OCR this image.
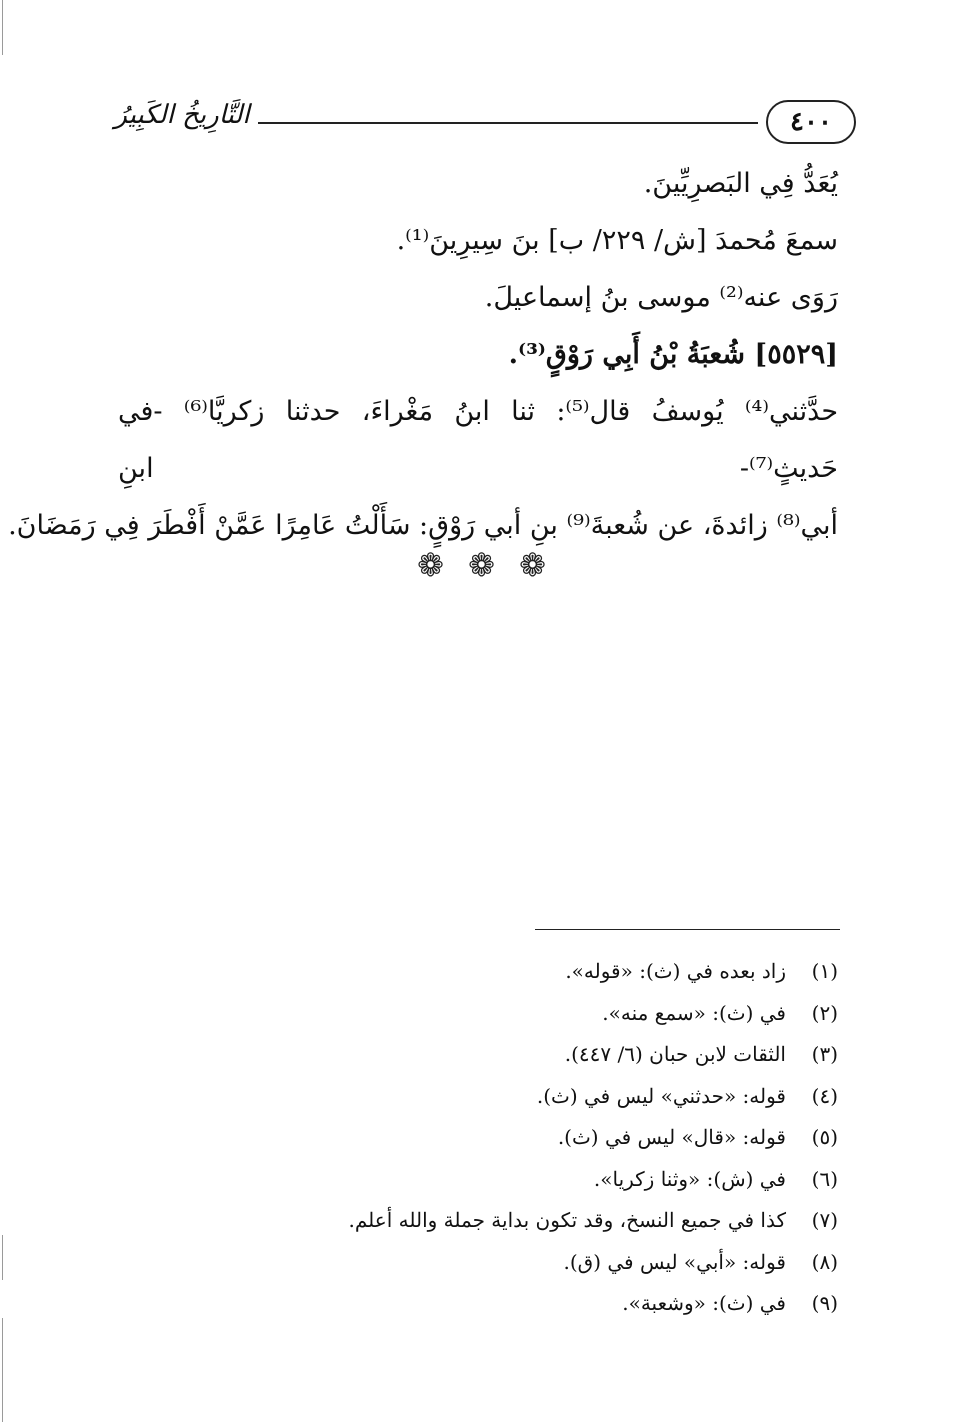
٤٠٠
التَّارِيخُ الكَبِيرُ
يُعَدُّ فِي البَصرِيِّينَ.
سمعَ مُحمدَ [ش/ ٢٢٩/ ب] بنَ سِيرِينَ⁽¹⁾.
رَوَى عنه⁽²⁾ موسى بنُ إسماعيلَ.
[٥٥٢٩] شُعبَةُ بْنُ أَبِي رَوْقٍ⁽³⁾.
حدَّثني⁽⁴⁾ يُوسفُ قال⁽⁵⁾: ثنا ابنُ مَغْراءَ، حدثنا زكريَّا⁽⁶⁾ -في حَديثٍ⁽⁷⁾- ابنِ
أبي⁽⁸⁾ زائدةَ، عن شُعبةَ⁽⁹⁾ بنِ أبي رَوْقٍ: سَأَلْتُ عَامِرًا عَمَّنْ أَفْطَرَ فِي رَمَضَانَ.
❁ ❁ ❁
(١)زاد بعده في (ث): «قوله».
(٢)في (ث): «سمع منه».
(٣)الثقات لابن حبان (٦/ ٤٤٧).
(٤)قوله: «حدثني» ليس في (ث).
(٥)قوله: «قال» ليس في (ث).
(٦)في (ش): «وثنا زكريا».
(٧)كذا في جميع النسخ، وقد تكون بداية جملة والله أعلم.
(٨)قوله: «أبي» ليس في (ق).
(٩)في (ث): «وشعبة».
